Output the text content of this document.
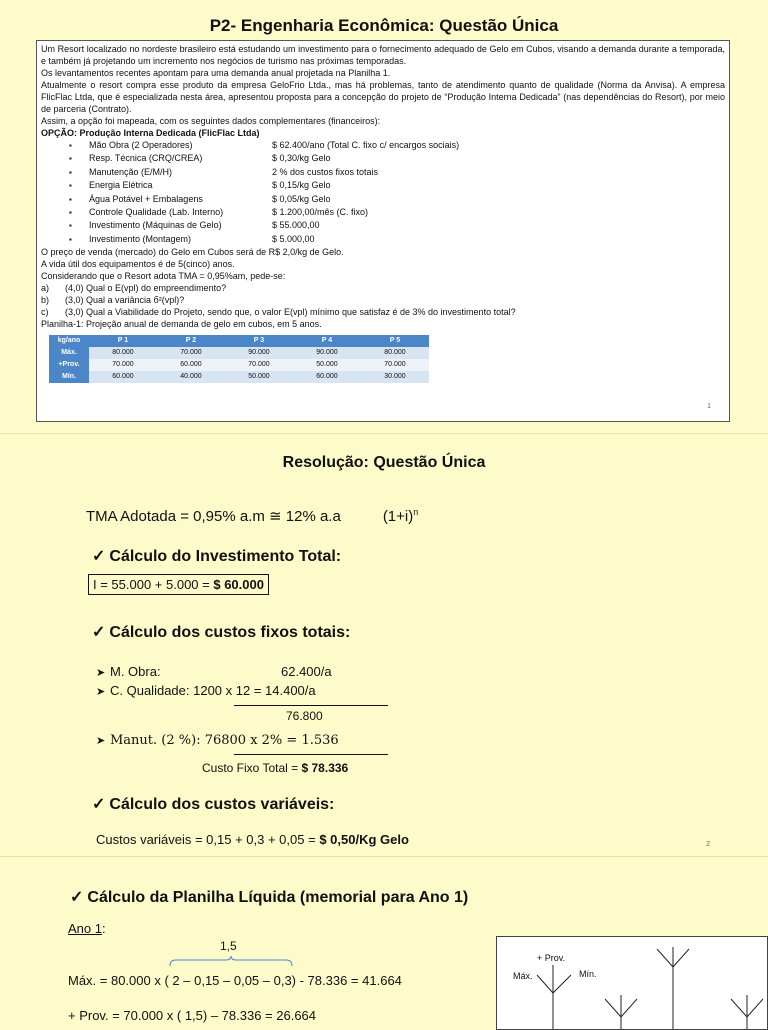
P2- Engenharia Econômica: Questão Única

Um Resort localizado no nordeste brasileiro está estudando um investimento para o fornecimento adequado de Gelo em Cubos, visando a demanda durante a temporada, e também já projetando um incremento nos negócios de turismo nas próximas temporadas.

Os levantamentos recentes apontam para uma demanda anual projetada na Planilha 1.

Atualmente o resort compra esse produto da empresa GeloFrio Ltda., mas há problemas, tanto de atendimento quanto de qualidade (Norma da Anvisa). A empresa FlicFlac Ltda, que é especializada nesta área, apresentou proposta para a concepção do projeto de “Produção Interna Dedicada” (nas dependências do Resort), por meio de parceria (Contrato).

Assim, a opção foi mapeada, com os seguintes dados complementares (financeiros):

OPÇÃO: Produção Interna Dedicada (FlicFlac Ltda)

▪ Mão Obra (2 Operadores)	$ 62.400/ano (Total C. fixo c/ encargos sociais)
▪ Resp. Técnica (CRQ/CREA)	$ 0,30/kg Gelo
▪ Manutenção (E/M/H)	2 % dos custos fixos totais
▪ Energia Elétrica	$ 0,15/kg Gelo
▪ Água Potável + Embalagens	$ 0,05/kg Gelo
▪ Controle Qualidade (Lab. Interno)	$ 1.200,00/mês (C. fixo)
▪ Investimento (Máquinas de Gelo)	$ 55.000,00
▪ Investimento (Montagem)	$ 5.000,00

O preço de venda (mercado) do Gelo em Cubos será de R$ 2,0/kg de Gelo.

A vida útil dos equipamentos é de 5(cinco) anos.

Considerando que o Resort adota TMA = 0,95%am, pede-se:

a) (4,0) Qual o E(vpl) do empreendimento?

b) (3,0) Qual a variância б²(vpl)?

c) (3,0) Qual a Viabilidade do Projeto, sendo que, o valor E(vpl) mínimo que satisfaz é de 3% do investimento total?

Planilha-1: Projeção anual de demanda de gelo em cubos, em 5 anos.

kg/ano	P 1	P 2	P 3	P 4	P 5
Máx.	80.000	70.000	90.000	90.000	80.000
+Prov.	70.000	60.000	70.000	50.000	70.000
Mín.	60.000	40.000	50.000	60.000	30.000
1
Resolução: Questão Única
TMA Adotada = 0,95% a.m ≅ 12% a.a	$(1+i)^n$
✓ Cálculo do Investimento Total:
I = 55.000 + 5.000 = $ 60.000
✓ Cálculo dos custos fixos totais:
➤ M. Obra:	62.400/a
➤ C. Qualidade: 1200 x 12 = 14.400/a
76.800
➤ Manut. (2 %): 76800 x 2% = 1.536
Custo Fixo Total = $ 78.336
✓ Cálculo dos custos variáveis:
Custos variáveis = 0,15 + 0,3 + 0,05 = $ 0,50/Kg Gelo	2
✓ Cálculo da Planilha Líquida (memorial para Ano 1)
Ano 1:
1,5
Máx. = 80.000 x ( 2 – 0,15 – 0,05 – 0,3) - 78.336 = 41.664
+ Prov. = 70.000 x ( 1,5) – 78.336 = 26.664
+ Prov.
Máx.	Mín.
